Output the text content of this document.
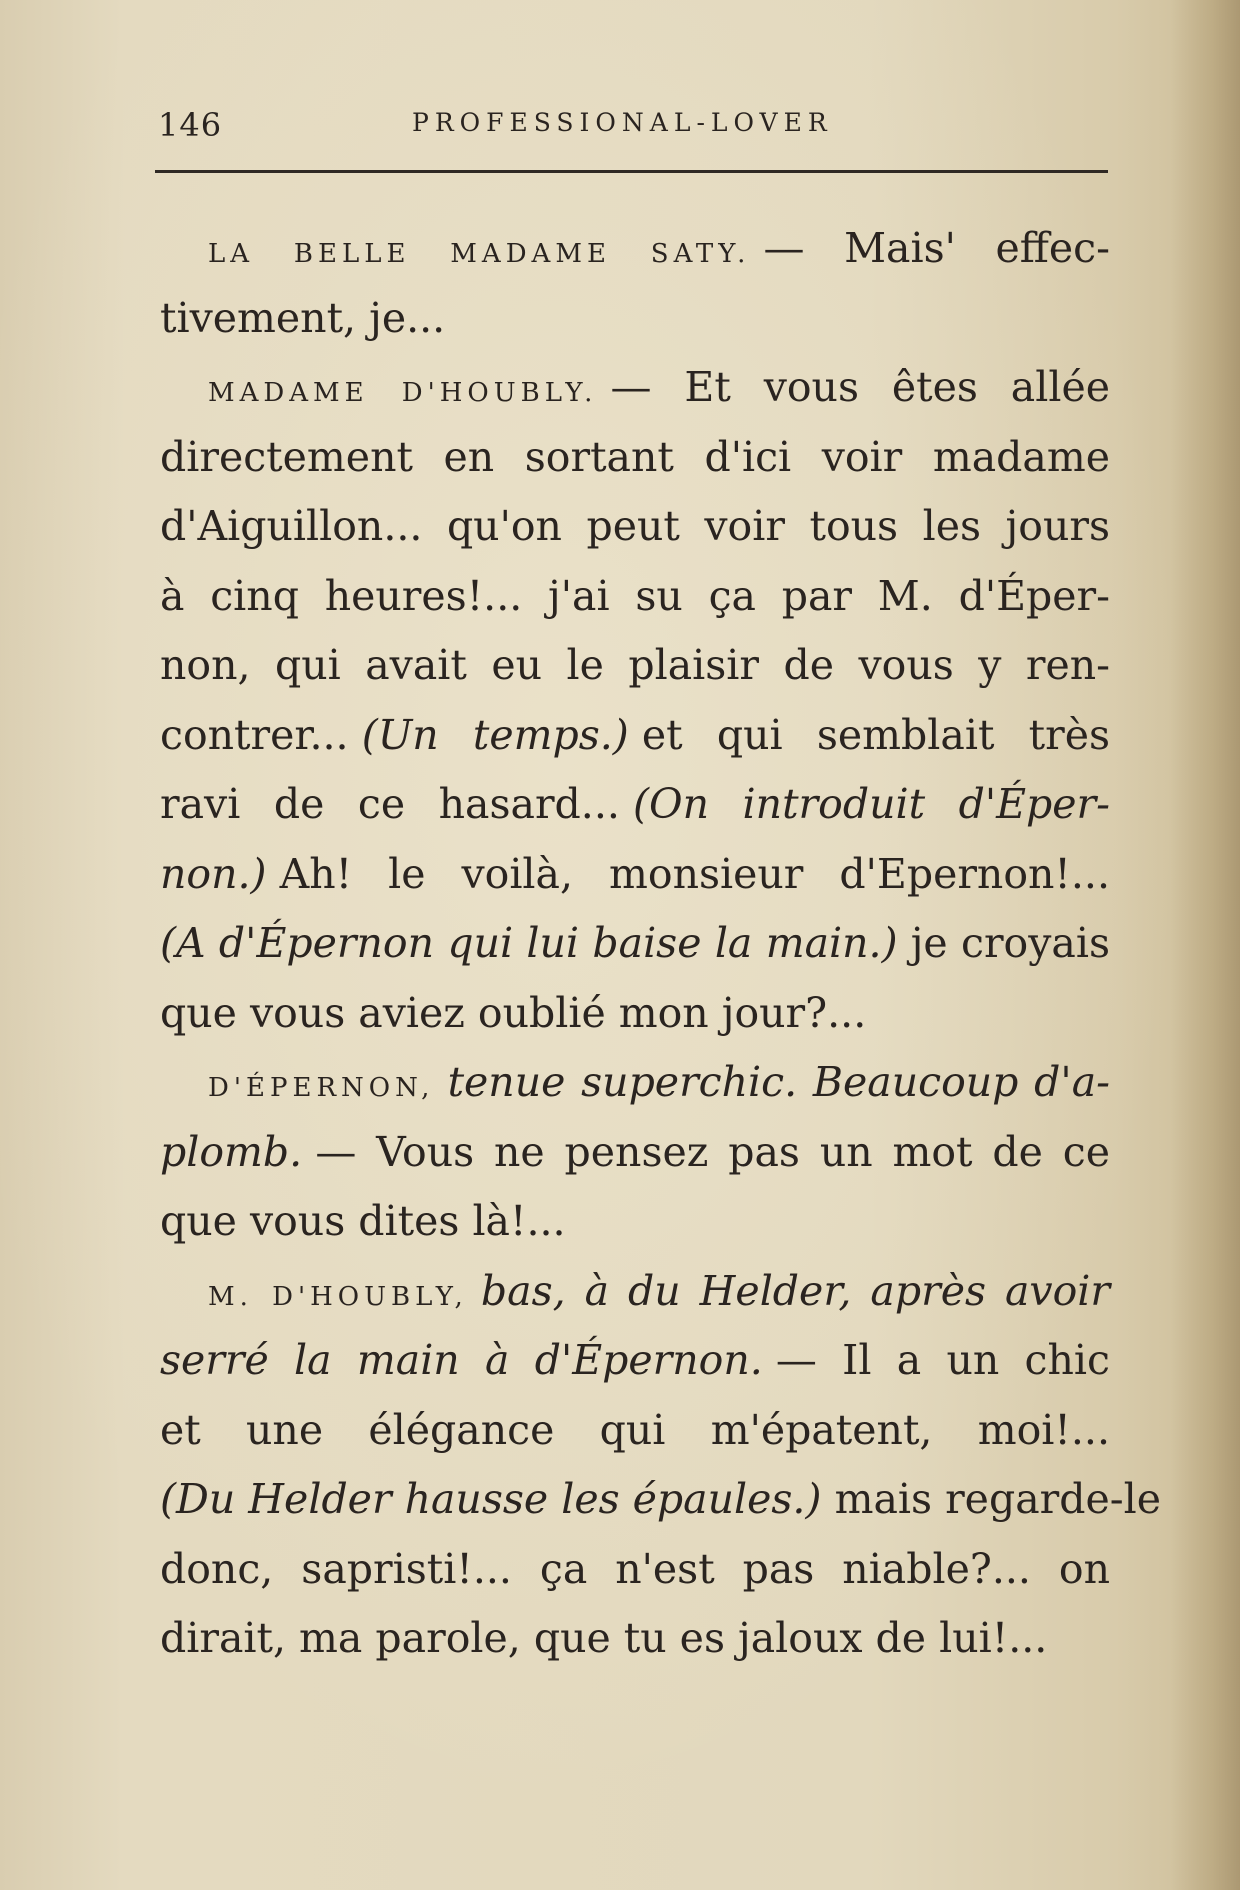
146	PROFESSIONAL-LOVER
LA BELLE MADAME SATY. — Mais' effec-
tivement, je...
MADAME D'HOUBLY. — Et vous êtes allée
directement en sortant d'ici voir madame
d'Aiguillon... qu'on peut voir tous les jours
à cinq heures!... j'ai su ça par M. d'Éper-
non, qui avait eu le plaisir de vous y ren-
contrer... (Un temps.) et qui semblait très
ravi de ce hasard... (On introduit d'Éper-
non.) Ah! le voilà, monsieur d'Epernon!...
(A d'Épernon qui lui baise la main.) je croyais
que vous aviez oublié mon jour?...
D'ÉPERNON, tenue superchic. Beaucoup d'a-
plomb. — Vous ne pensez pas un mot de ce
que vous dites là!...
M. D'HOUBLY, bas, à du Helder, après avoir
serré la main à d'Épernon. — Il a un chic
et une élégance qui m'épatent, moi!...
(Du Helder hausse les épaules.) mais regarde-le
donc, sapristi!... ça n'est pas niable?... on
dirait, ma parole, que tu es jaloux de lui!...
